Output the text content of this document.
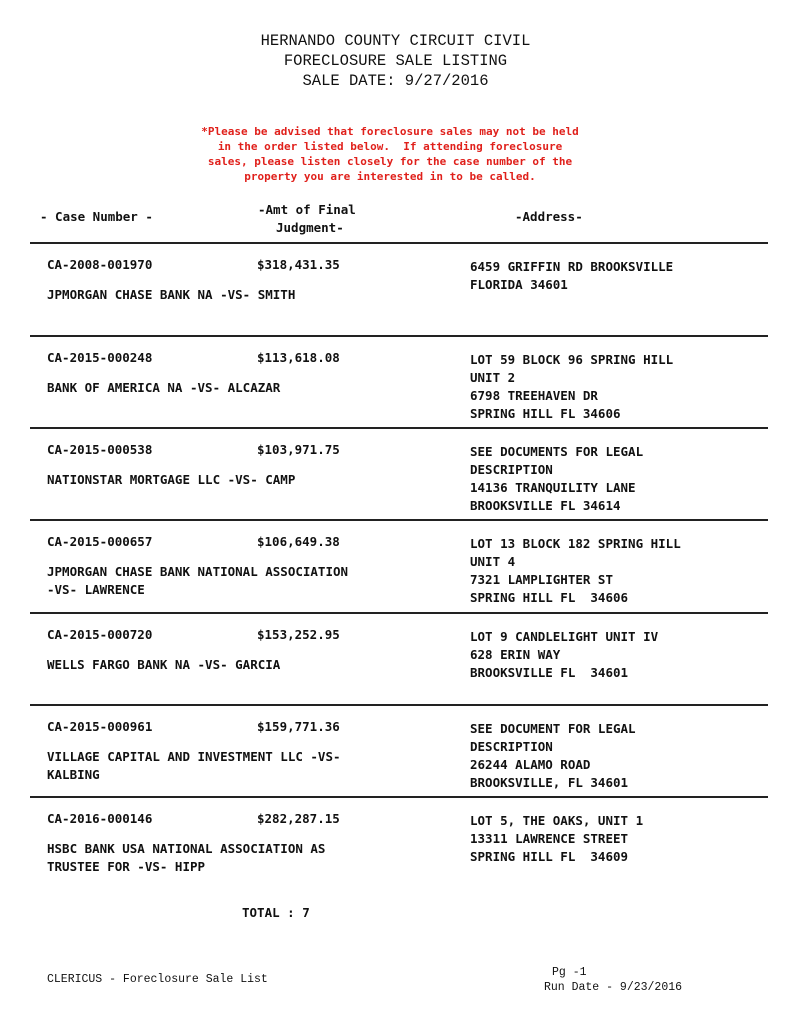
HERNANDO COUNTY CIRCUIT CIVIL
FORECLOSURE SALE LISTING
SALE DATE: 9/27/2016
*Please be advised that foreclosure sales may not be held
in the order listed below.  If attending foreclosure
sales, please listen closely for the case number of the
property you are interested in to be called.
- Case Number -	-Amt of Final
Judgment-
-Address-
CA-2008-001970	$318,431.35
JPMORGAN CHASE BANK NA -VS- SMITH
6459 GRIFFIN RD BROOKSVILLE
FLORIDA 34601
CA-2015-000248	$113,618.08
BANK OF AMERICA NA -VS- ALCAZAR
LOT 59 BLOCK 96 SPRING HILL
UNIT 2
6798 TREEHAVEN DR
SPRING HILL FL 34606
CA-2015-000538	$103,971.75
NATIONSTAR MORTGAGE LLC -VS- CAMP
SEE DOCUMENTS FOR LEGAL
DESCRIPTION
14136 TRANQUILITY LANE
BROOKSVILLE FL 34614
CA-2015-000657	$106,649.38
JPMORGAN CHASE BANK NATIONAL ASSOCIATION
-VS- LAWRENCE
LOT 13 BLOCK 182 SPRING HILL
UNIT 4
7321 LAMPLIGHTER ST
SPRING HILL FL  34606
CA-2015-000720	$153,252.95
WELLS FARGO BANK NA -VS- GARCIA
LOT 9 CANDLELIGHT UNIT IV
628 ERIN WAY
BROOKSVILLE FL  34601
CA-2015-000961	$159,771.36
VILLAGE CAPITAL AND INVESTMENT LLC -VS-
KALBING
SEE DOCUMENT FOR LEGAL
DESCRIPTION
26244 ALAMO ROAD
BROOKSVILLE, FL 34601
CA-2016-000146	$282,287.15
HSBC BANK USA NATIONAL ASSOCIATION AS
TRUSTEE FOR -VS- HIPP
LOT 5, THE OAKS, UNIT 1
13311 LAWRENCE STREET
SPRING HILL FL  34609
TOTAL : 7
CLERICUS - Foreclosure Sale List
Pg -1
Run Date - 9/23/2016
